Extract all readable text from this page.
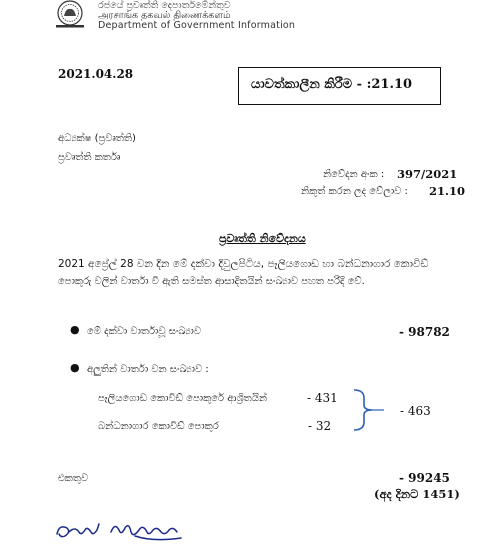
රජයේ ප්‍රවෘත්ති දෙපාර්තමේන්තුව
அரசாங்க தகவல் திணைக்களம்
Department of Government Information
2021.04.28
යාවත්කාලීන කිරීම - :21.10
අධ්‍යක්ෂ (ප්‍රවෘත්ති)
ප්‍රවෘත්ති කර්තෘ
නිවේදන අංක : 397/2021
නිකුත් කරන ලද වේලාව : 21.10
ප්‍රවෘත්ති නිවේදනය
2021 අප්‍රේල් 28 වන දින මේ දක්වා දිවුලපිටිය, පෑලියගොඩ හා බන්ධනාගාර කොවිඩ්
පොකුරු වලින් වාර්තා වී ඇති සමස්ත ආසාදිතයින් සංඛ්‍යාව පහත පරිදි වේ.
● මේ දක්වා වාර්තාවූ සංඛ්‍යාව	- 98782
● අලුතින් වාර්තා වන සංඛ්‍යාව :
පෑලියගොඩ කොවිඩ් පොකුරේ ආශ්‍රිතයින්	- 431
බන්ධනාගාර කොවිඩ් පොකුර	- 32
- 463
එකතුව	- 99245
(අද දිනට 1451)
